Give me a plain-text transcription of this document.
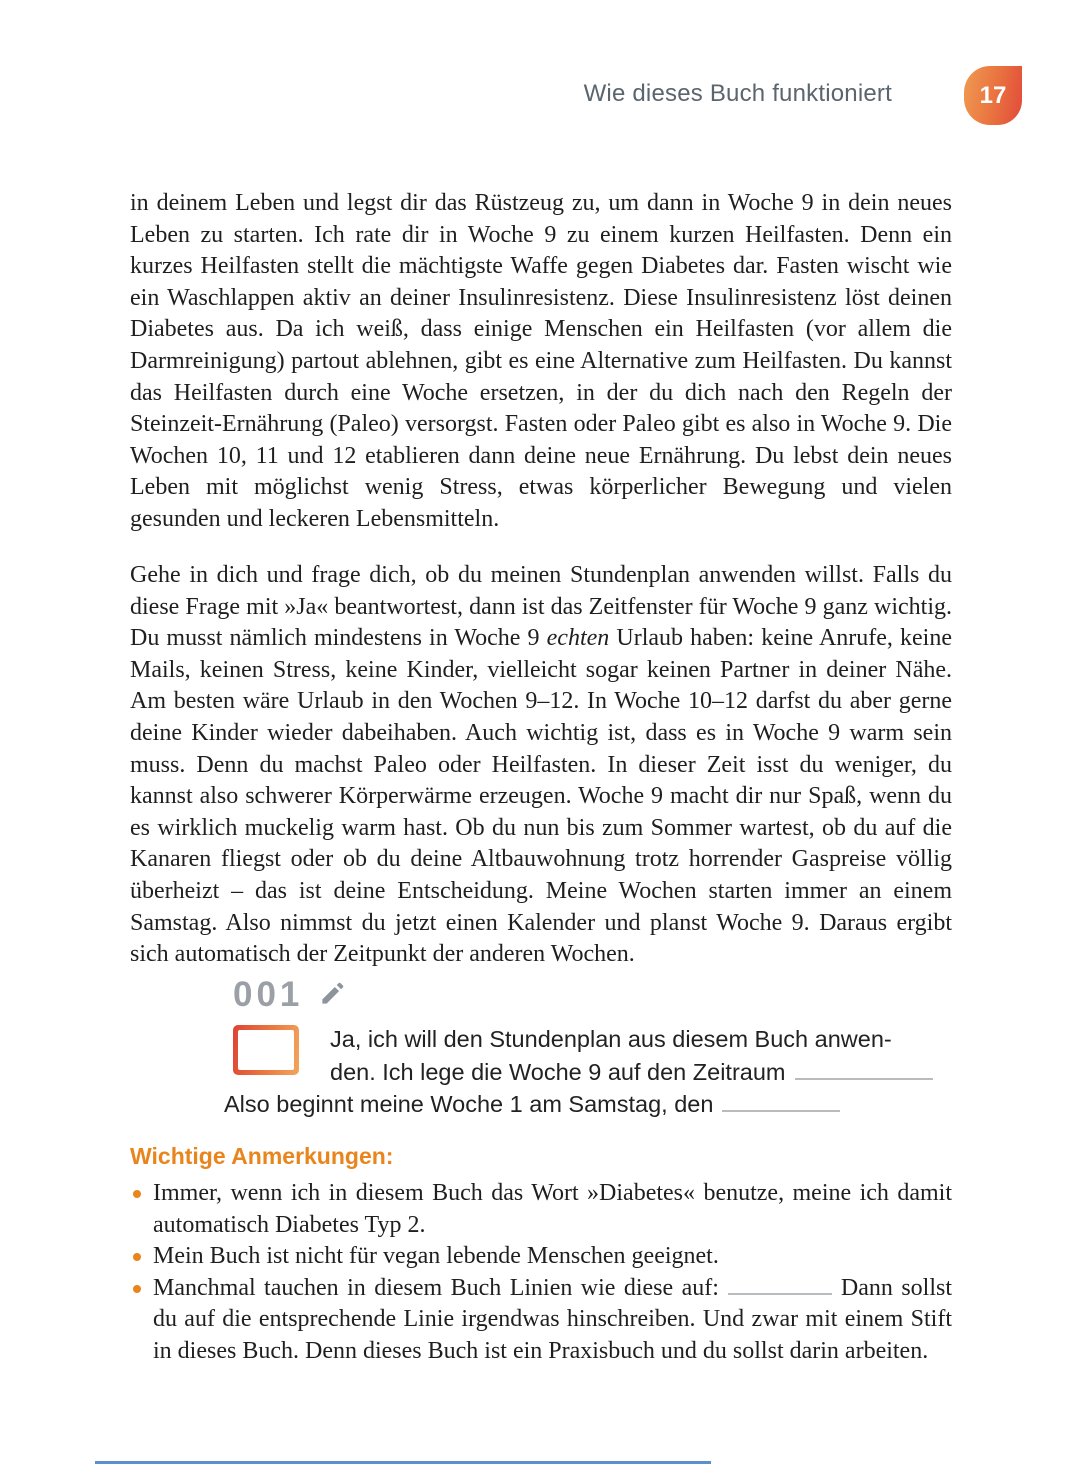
Wie dieses Buch funktioniert	17

in deinem Leben und legst dir das Rüstzeug zu, um dann in Woche 9 in dein neues Leben zu starten. Ich rate dir in Woche 9 zu einem kurzen Heilfasten. Denn ein kurzes Heilfasten stellt die mächtigste Waffe gegen Diabetes dar. Fasten wischt wie ein Waschlappen aktiv an deiner Insulinresistenz. Diese Insulinresistenz löst deinen Diabetes aus. Da ich weiß, dass einige Menschen ein Heilfasten (vor allem die Darmreinigung) partout ablehnen, gibt es eine Alternative zum Heilfasten. Du kannst das Heilfasten durch eine Woche ersetzen, in der du dich nach den Regeln der Steinzeit-Ernährung (Paleo) versorgst. Fasten oder Paleo gibt es also in Woche 9. Die Wochen 10, 11 und 12 etablieren dann deine neue Ernährung. Du lebst dein neues Leben mit möglichst wenig Stress, etwas körperlicher Bewegung und vielen gesunden und leckeren Lebensmitteln.

Gehe in dich und frage dich, ob du meinen Stundenplan anwenden willst. Falls du diese Frage mit »Ja« beantwortest, dann ist das Zeitfenster für Woche 9 ganz wichtig. Du musst nämlich mindestens in Woche 9 echten Urlaub haben: keine Anrufe, keine Mails, keinen Stress, keine Kinder, vielleicht sogar keinen Partner in deiner Nähe. Am besten wäre Urlaub in den Wochen 9–12. In Woche 10–12 darfst du aber gerne deine Kinder wieder dabeihaben. Auch wichtig ist, dass es in Woche 9 warm sein muss. Denn du machst Paleo oder Heilfasten. In dieser Zeit isst du weniger, du kannst also schwerer Körperwärme erzeugen. Woche 9 macht dir nur Spaß, wenn du es wirklich muckelig warm hast. Ob du nun bis zum Sommer wartest, ob du auf die Kanaren fliegst oder ob du deine Altbauwohnung trotz horrender Gaspreise völlig überheizt – das ist deine Entscheidung. Meine Wochen starten immer an einem Samstag. Also nimmst du jetzt einen Kalender und planst Woche 9. Daraus ergibt sich automatisch der Zeitpunkt der anderen Wochen.

001
Ja, ich will den Stundenplan aus diesem Buch anwen-
den. Ich lege die Woche 9 auf den Zeitraum
Also beginnt meine Woche 1 am Samstag, den
Wichtige Anmerkungen:
Immer, wenn ich in diesem Buch das Wort »Diabetes« benutze, meine ich damit automatisch Diabetes Typ 2.
Mein Buch ist nicht für vegan lebende Menschen geeignet.
Manchmal tauchen in diesem Buch Linien wie diese auf:	Dann sollst du auf die entsprechende Linie irgendwas hinschreiben. Und zwar mit einem Stift in dieses Buch. Denn dieses Buch ist ein Praxisbuch und du sollst darin arbeiten.
